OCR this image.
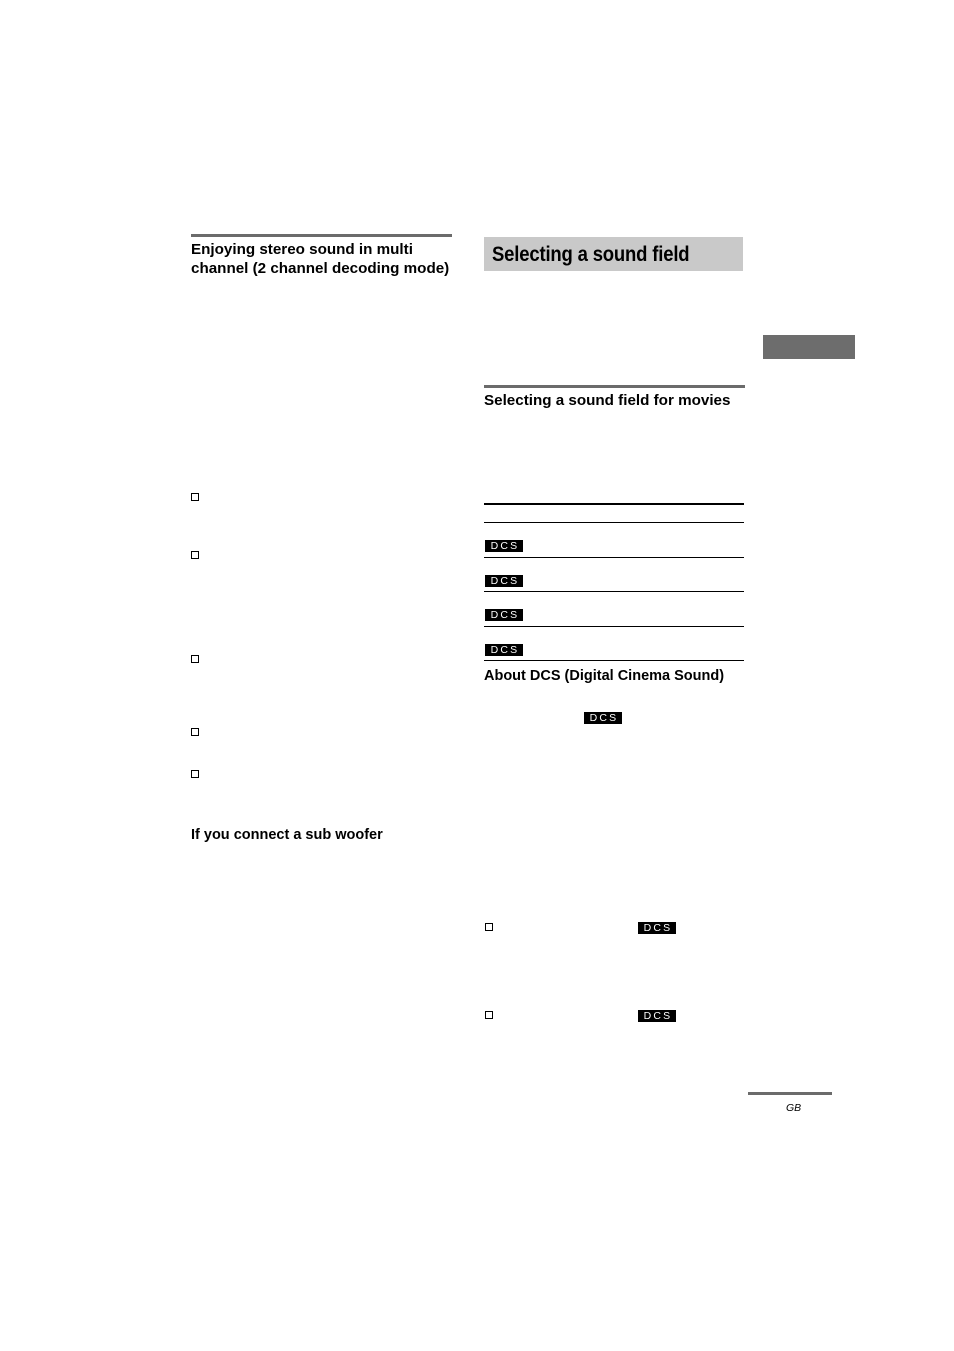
Enjoying stereo sound in multi channel (2 channel decoding mode)
If you connect a sub woofer
Selecting a sound field
Selecting a sound field for movies
DCS
DCS
DCS
DCS
About DCS (Digital Cinema Sound)
DCS
DCS
DCS
GB
